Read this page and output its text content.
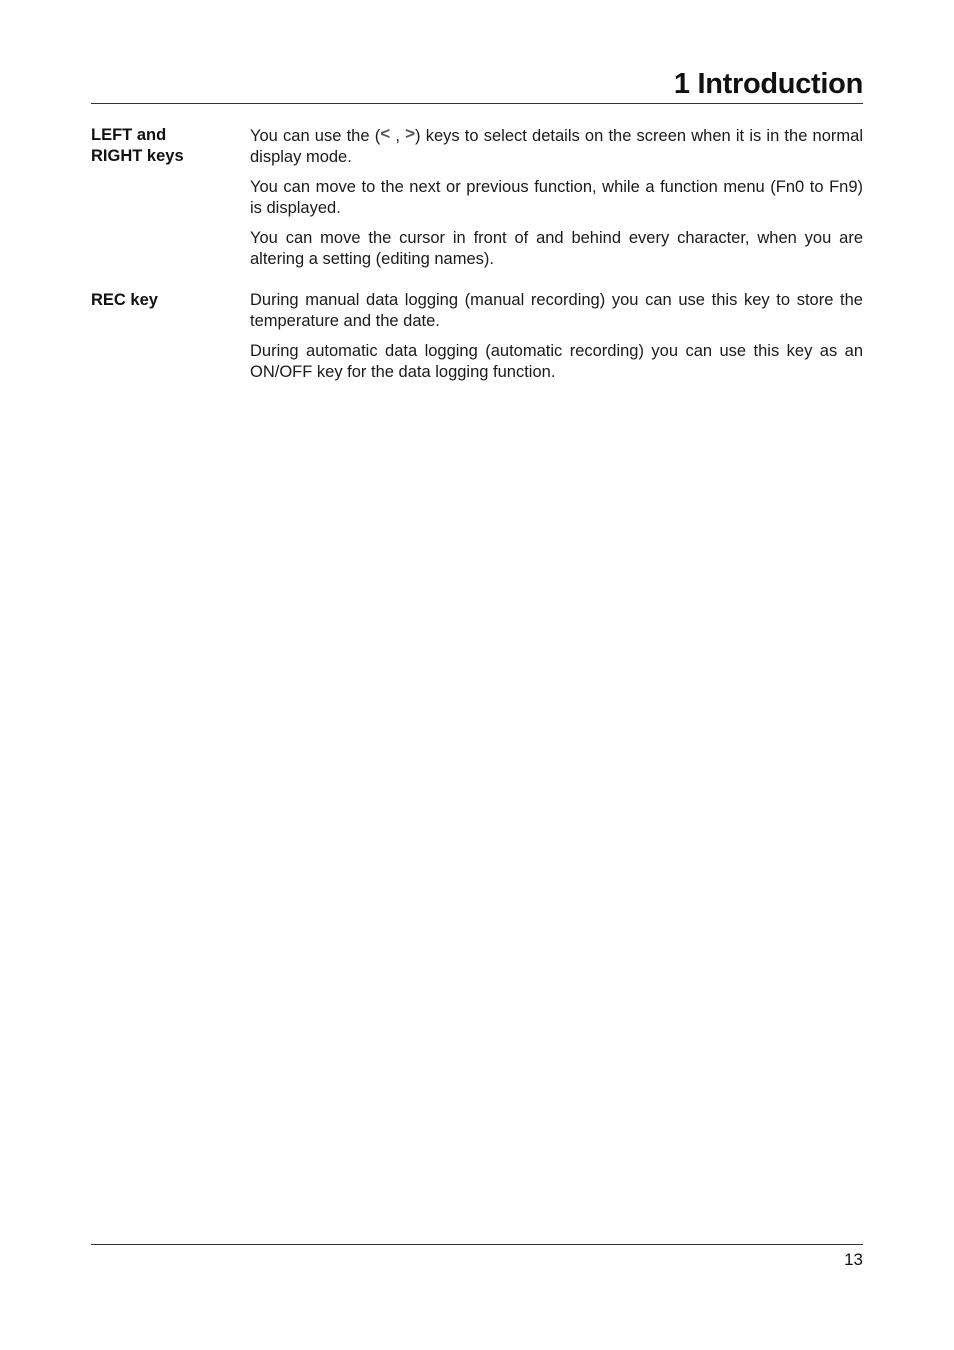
1 Introduction
LEFT and
RIGHT keys

You can use the (< , >) keys to select details on the screen when it is in the normal display mode.

You can move to the next or previous function, while a function menu (Fn0 to Fn9) is displayed.

You can move the cursor in front of and behind every character, when you are altering a setting (editing names).

REC key	During manual data logging (manual recording) you can use this key to store the temperature and the date.

During automatic data logging (automatic recording) you can use this key as an ON/OFF key for the data logging function.

13
